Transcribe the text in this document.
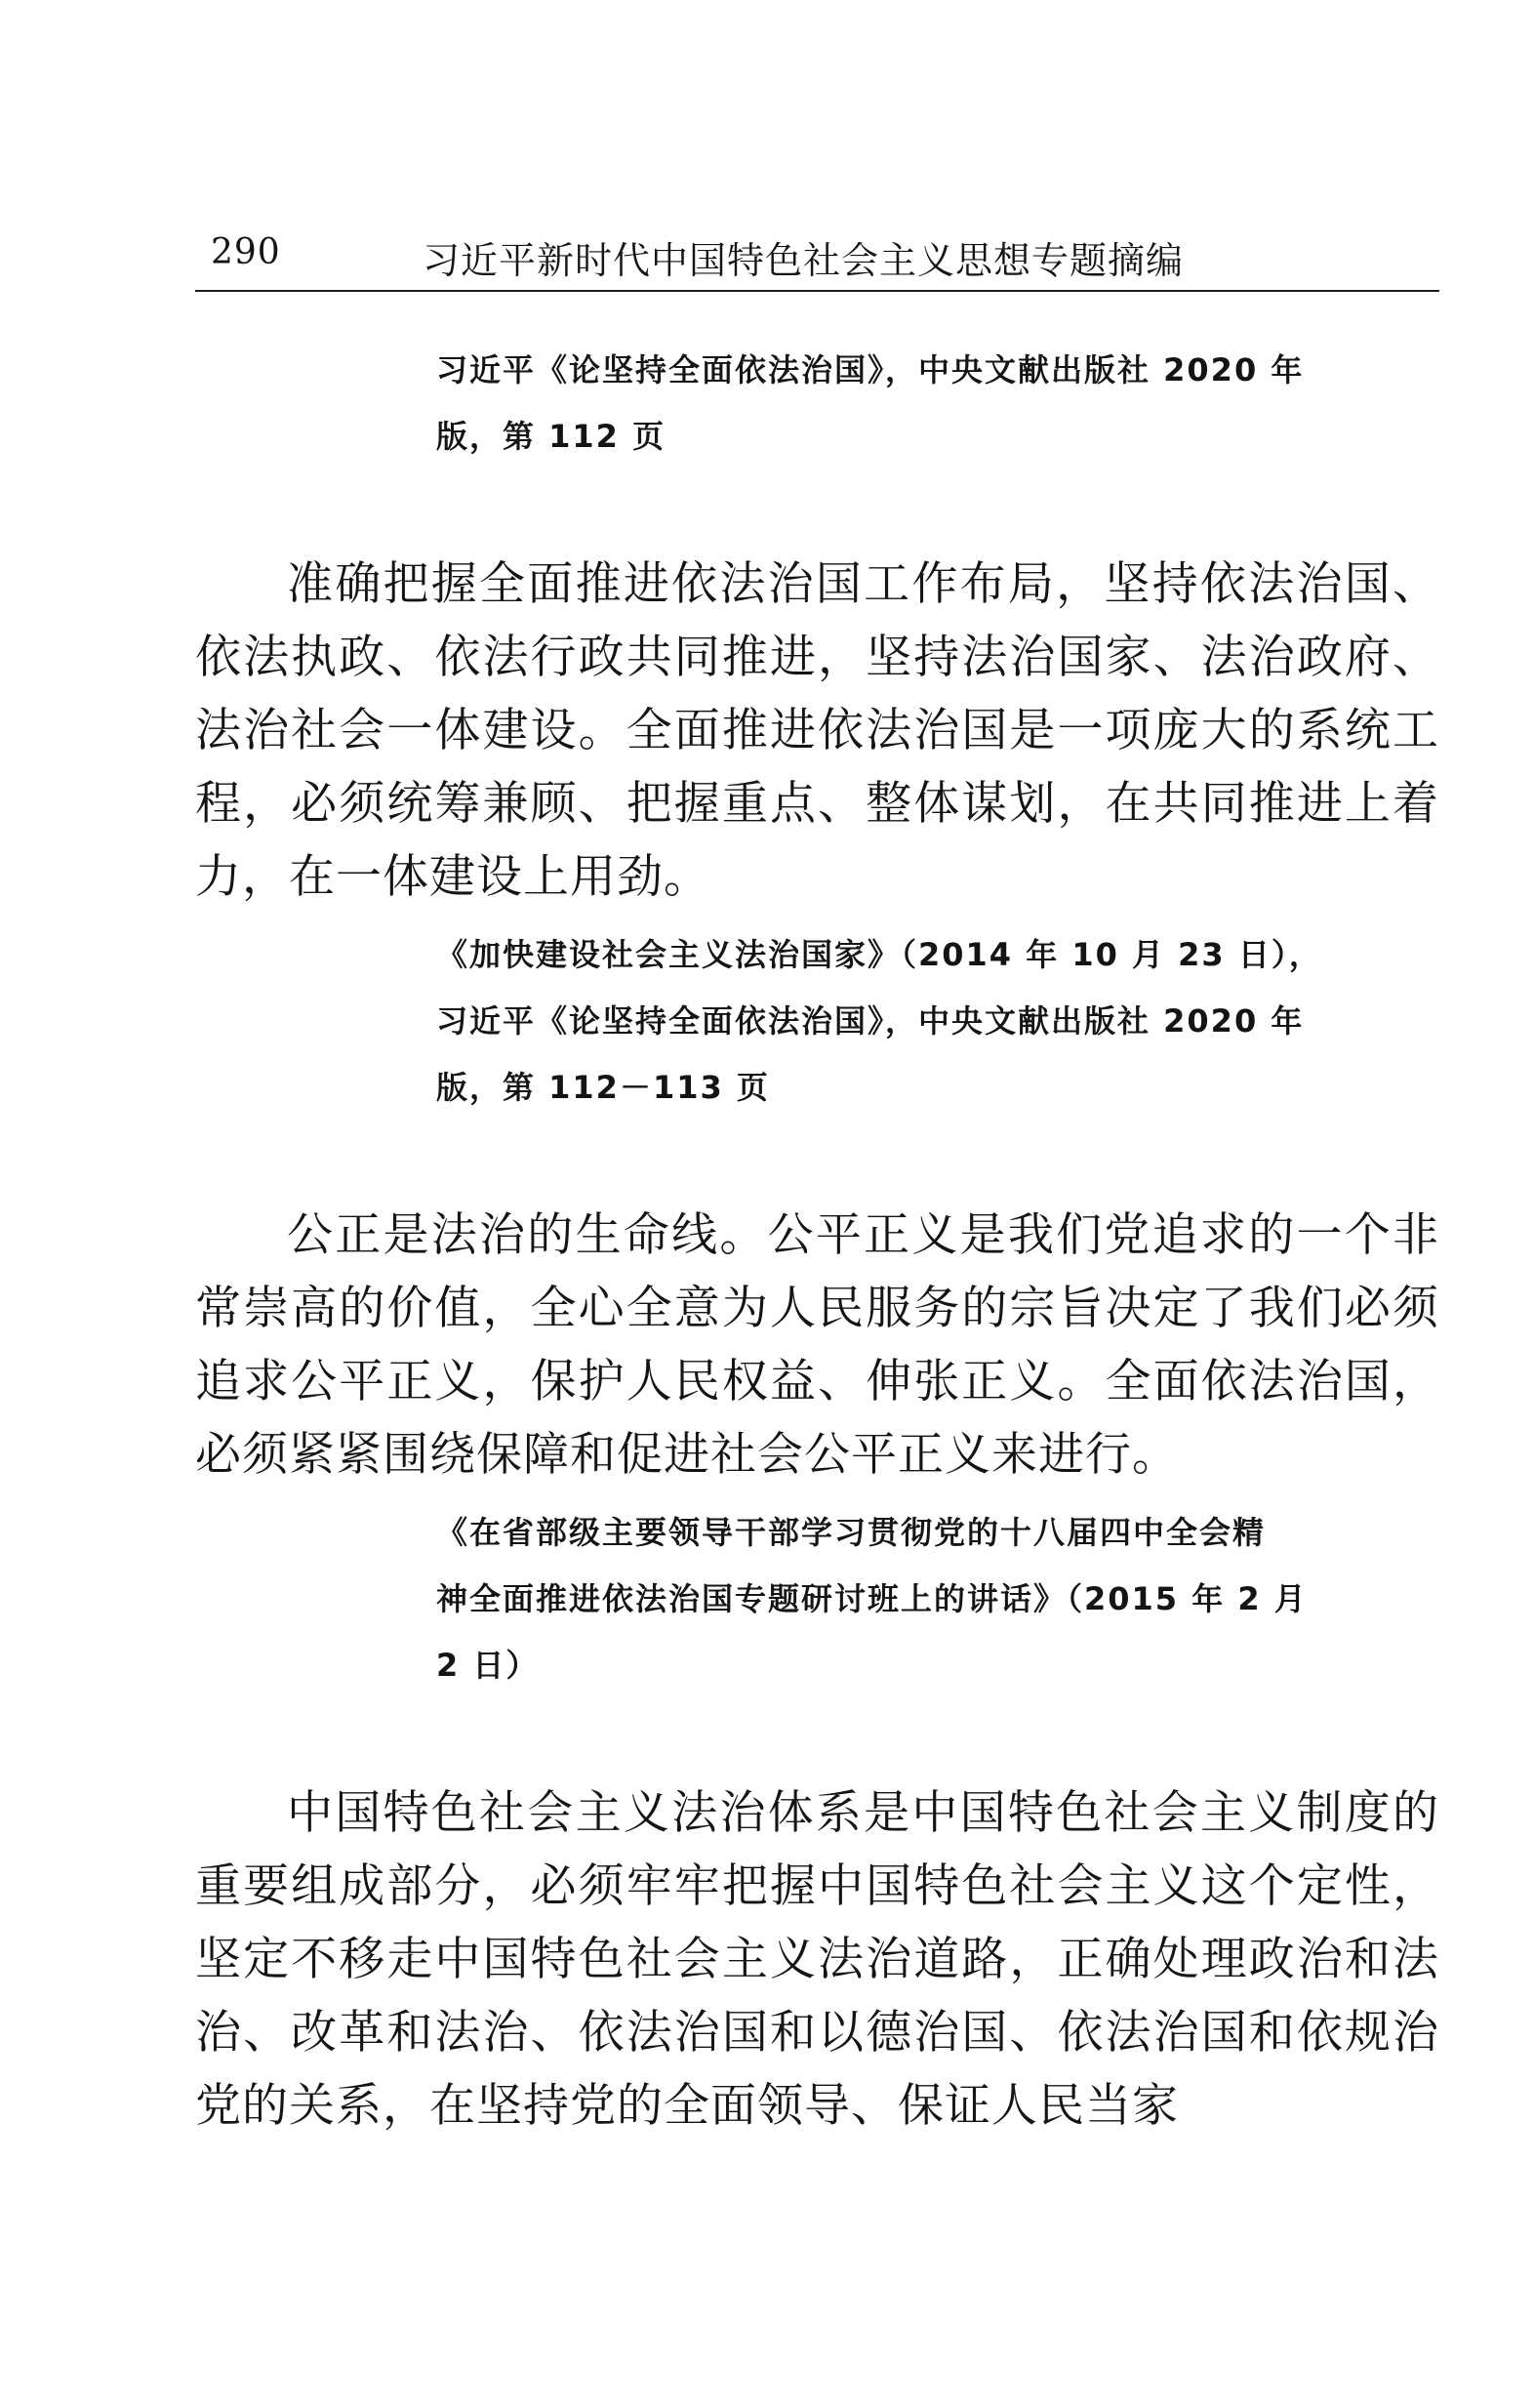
290	习近平新时代中国特色社会主义思想专题摘编

习近平《论坚持全面依法治国》，中央文献出版社 2020 年

版，第 112 页

准确把握全面推进依法治国工作布局，坚持依法治国、依法执政、依法行政共同推进，坚持法治国家、法治政府、法治社会一体建设。全面推进依法治国是一项庞大的系统工程，必须统筹兼顾、把握重点、整体谋划，在共同推进上着力，在一体建设上用劲。

《加快建设社会主义法治国家》（2014 年 10 月 23 日），

习近平《论坚持全面依法治国》，中央文献出版社 2020 年

版，第 112－113 页

公正是法治的生命线。公平正义是我们党追求的一个非常崇高的价值，全心全意为人民服务的宗旨决定了我们必须追求公平正义，保护人民权益、伸张正义。全面依法治国，必须紧紧围绕保障和促进社会公平正义来进行。

《在省部级主要领导干部学习贯彻党的十八届四中全会精

神全面推进依法治国专题研讨班上的讲话》（2015 年 2 月

2 日）

中国特色社会主义法治体系是中国特色社会主义制度的重要组成部分，必须牢牢把握中国特色社会主义这个定性，坚定不移走中国特色社会主义法治道路，正确处理政治和法治、改革和法治、依法治国和以德治国、依法治国和依规治党的关系，在坚持党的全面领导、保证人民当家
